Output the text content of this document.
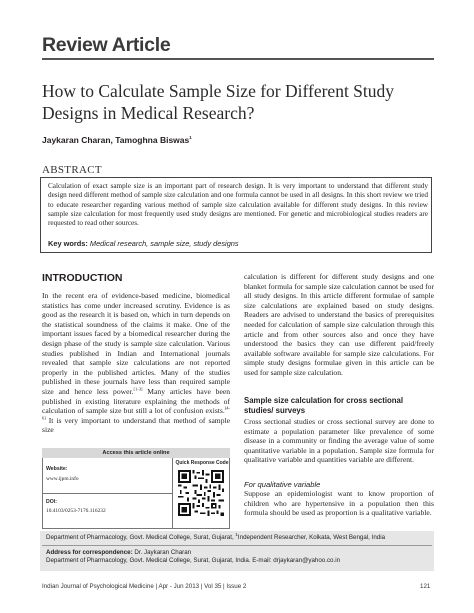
Review Article
How to Calculate Sample Size for Different Study Designs in Medical Research?
Jaykaran Charan, Tamoghna Biswas$^1$
ABSTRACT
Calculation of exact sample size is an important part of research design. It is very important to understand that different study design need different method of sample size calculation and one formula cannot be used in all designs. In this short review we tried to educate researcher regarding various method of sample size calculation available for different study designs. In this review sample size calculation for most frequently used study designs are mentioned. For genetic and microbiological studies readers are requested to read other sources.
Key words: Medical research, sample size, study designs
INTRODUCTION
In the recent era of evidence-based medicine, biomedical statistics has come under increased scrutiny. Evidence is as good as the research it is based on, which in turn depends on the statistical soundness of the claims it make. One of the important issues faced by a biomedical researcher during the design phase of the study is sample size calculation. Various studies published in Indian and International journals revealed that sample size calculations are not reported properly in the published articles. Many of the studies published in these journals have less than required sample size and hence less power.[1-3] Many articles have been published in existing literature explaining the methods of calculation of sample size but still a lot of confusion exists.[4-6] It is very important to understand that method of sample size
calculation is different for different study designs and one blanket formula for sample size calculation cannot be used for all study designs. In this article different formulae of sample size calculations are explained based on study designs. Readers are advised to understand the basics of prerequisites needed for calculation of sample size calculation through this article and from other sources also and once they have understood the basics they can use different paid/freely available software available for sample size calculations. For simple study designs formulae given in this article can be used for sample size calculation.
Sample size calculation for cross sectional studies/ surveys
Cross sectional studies or cross sectional survey are done to estimate a population parameter like prevalence of some disease in a community or finding the average value of some quantitative variable in a population. Sample size formula for qualitative variable and quantities variable are different.
For qualitative variable
Suppose an epidemiologist want to know proportion of children who are hypertensive in a population then this formula should be used as proportion is a qualitative variable.
Access this article online
Quick Response Code
Website:
www.ijpm.info
DOI:
10.4103/0253-7176.116232
Department of Pharmacology, Govt. Medical College, Surat, Gujarat, $^1$Independent Researcher, Kolkata, West Bengal, India
Address for correspondence: Dr. Jaykaran Charan
Department of Pharmacology, Govt. Medical College, Surat, Gujarat, India. E-mail: drjaykaran@yahoo.co.in
Indian Journal of Psychological Medicine | Apr - Jun 2013 | Vol 35 | Issue 2	121
